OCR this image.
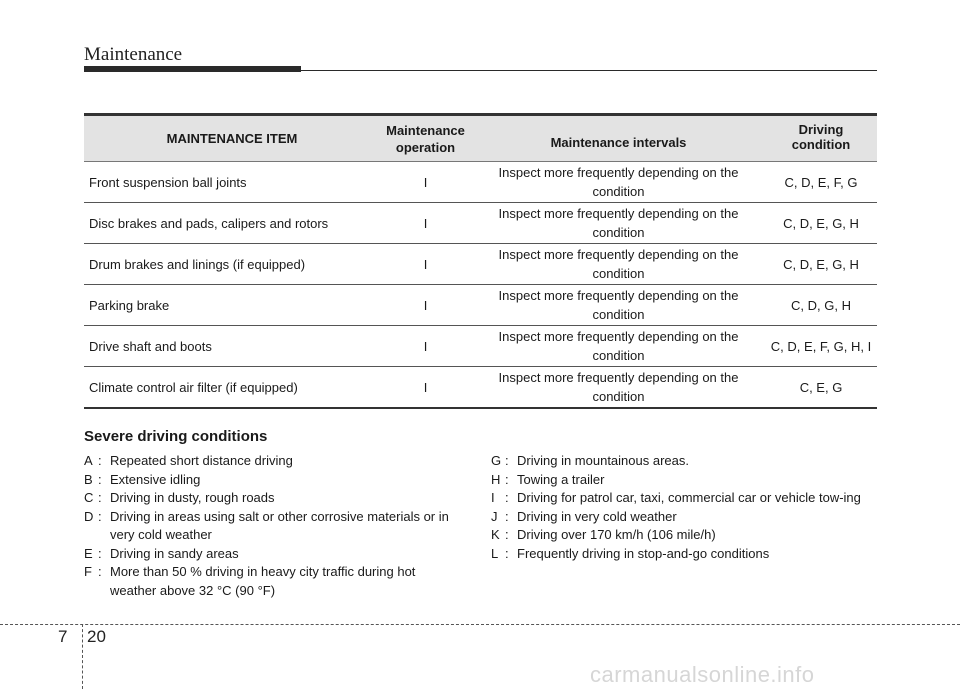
Maintenance
MAINTENANCE ITEM	Maintenance operation	Maintenance intervals	Driving condition
Front suspension ball joints	I	Inspect more frequently depending on the condition	C, D, E, F, G
Disc brakes and pads, calipers and rotors	I	Inspect more frequently depending on the condition	C, D, E, G, H
Drum brakes and linings (if equipped)	I	Inspect more frequently depending on the condition	C, D, E, G, H
Parking brake	I	Inspect more frequently depending on the condition	C, D, G, H
Drive shaft and boots	I	Inspect more frequently depending on the condition	C, D, E, F, G, H, I
Climate control air filter (if equipped)	I	Inspect more frequently depending on the condition	C, E, G
Severe driving conditions
A : Repeated short distance driving
B : Extensive idling
C : Driving in dusty, rough roads
D : Driving in areas using salt or other corrosive materials or in very cold weather
E : Driving in sandy areas
F : More than 50 % driving in heavy city traffic during hot weather above 32 °C (90 °F)
G : Driving in mountainous areas.
H : Towing a trailer
I : Driving for patrol car, taxi, commercial car or vehicle tow-ing
J : Driving in very cold weather
K : Driving over 170 km/h (106 mile/h)
L : Frequently driving in stop-and-go conditions
7 20
carmanualsonline.info
